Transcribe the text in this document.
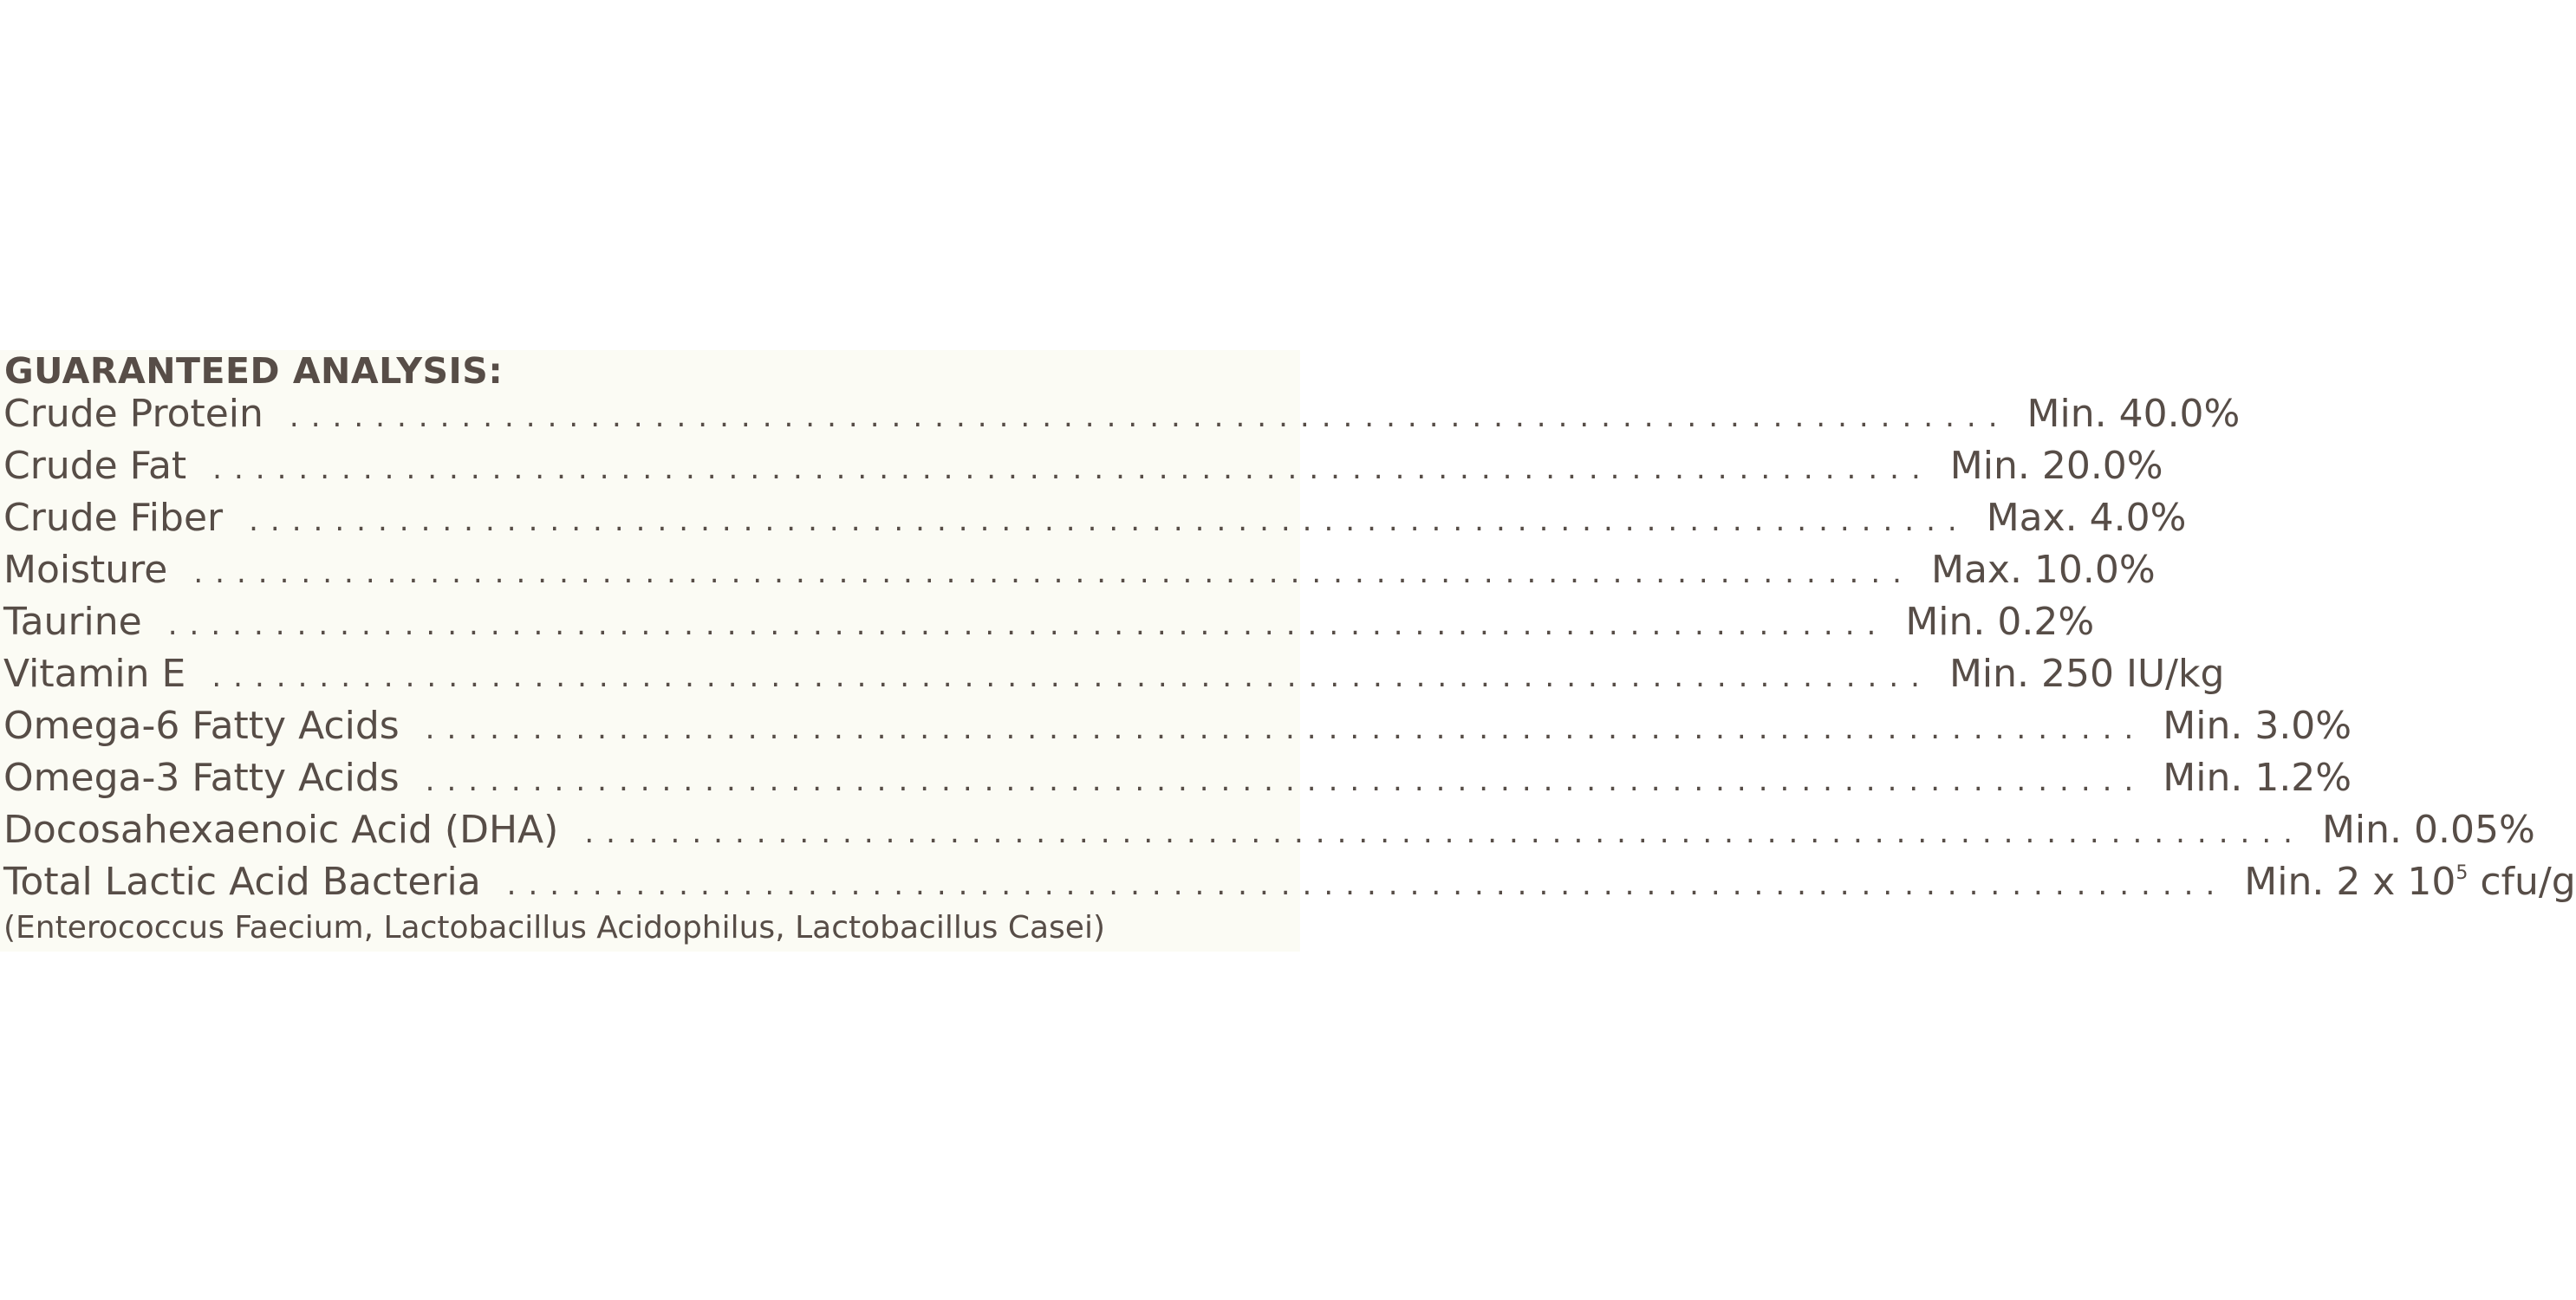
GUARANTEED ANALYSIS:
Crude Protein ................................................................................ Min. 40.0%
Crude Fat ................................................................................ Min. 20.0%
Crude Fiber ................................................................................ Max. 4.0%
Moisture ................................................................................ Max. 10.0%
Taurine ................................................................................ Min. 0.2%
Vitamin E ................................................................................ Min. 250 IU/kg
Omega-6 Fatty Acids ................................................................................ Min. 3.0%
Omega-3 Fatty Acids ................................................................................ Min. 1.2%
Docosahexaenoic Acid (DHA) ................................................................................ Min. 0.05%
Total Lactic Acid Bacteria ................................................................................ Min. 2 x $10^5$ cfu/g
(Enterococcus Faecium, Lactobacillus Acidophilus, Lactobacillus Casei)
